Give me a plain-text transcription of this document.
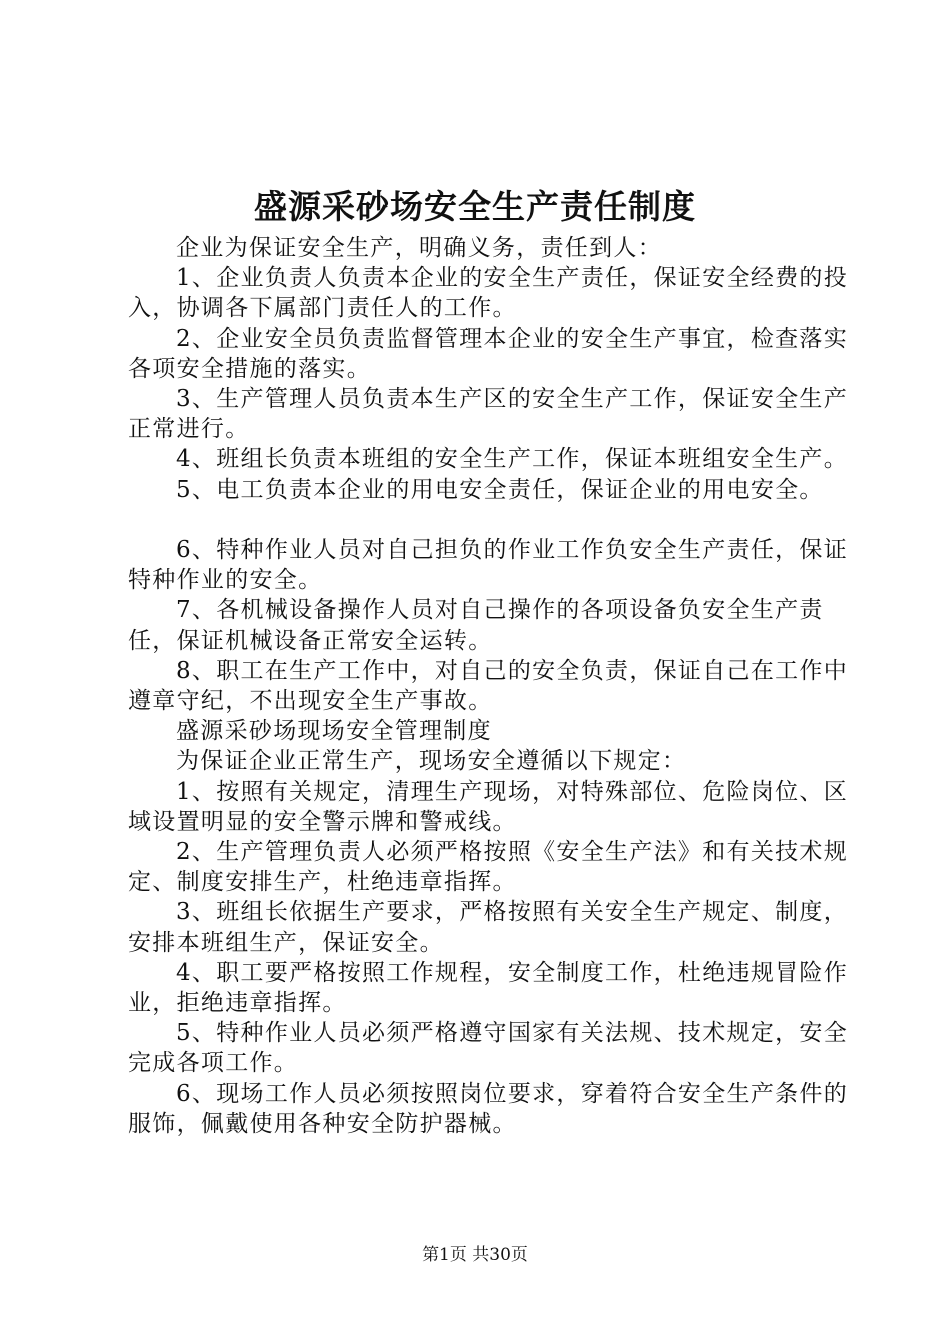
盛源采砂场安全生产责任制度

企业为保证安全生产，明确义务，责任到人：

1、企业负责人负责本企业的安全生产责任，保证安全经费的投入，协调各下属部门责任人的工作。

2、企业安全员负责监督管理本企业的安全生产事宜，检查落实各项安全措施的落实。

3、生产管理人员负责本生产区的安全生产工作，保证安全生产正常进行。

4、班组长负责本班组的安全生产工作，保证本班组安全生产。

5、电工负责本企业的用电安全责任，保证企业的用电安全。

6、特种作业人员对自己担负的作业工作负安全生产责任，保证特种作业的安全。

7、各机械设备操作人员对自己操作的各项设备负安全生产责任，保证机械设备正常安全运转。

8、职工在生产工作中，对自己的安全负责，保证自己在工作中遵章守纪，不出现安全生产事故。

盛源采砂场现场安全管理制度

为保证企业正常生产，现场安全遵循以下规定：

1、按照有关规定，清理生产现场，对特殊部位、危险岗位、区域设置明显的安全警示牌和警戒线。

2、生产管理负责人必须严格按照《安全生产法》和有关技术规定、制度安排生产，杜绝违章指挥。

3、班组长依据生产要求，严格按照有关安全生产规定、制度，安排本班组生产，保证安全。

4、职工要严格按照工作规程，安全制度工作，杜绝违规冒险作业，拒绝违章指挥。

5、特种作业人员必须严格遵守国家有关法规、技术规定，安全完成各项工作。

6、现场工作人员必须按照岗位要求，穿着符合安全生产条件的服饰，佩戴使用各种安全防护器械。

第1页 共30页
